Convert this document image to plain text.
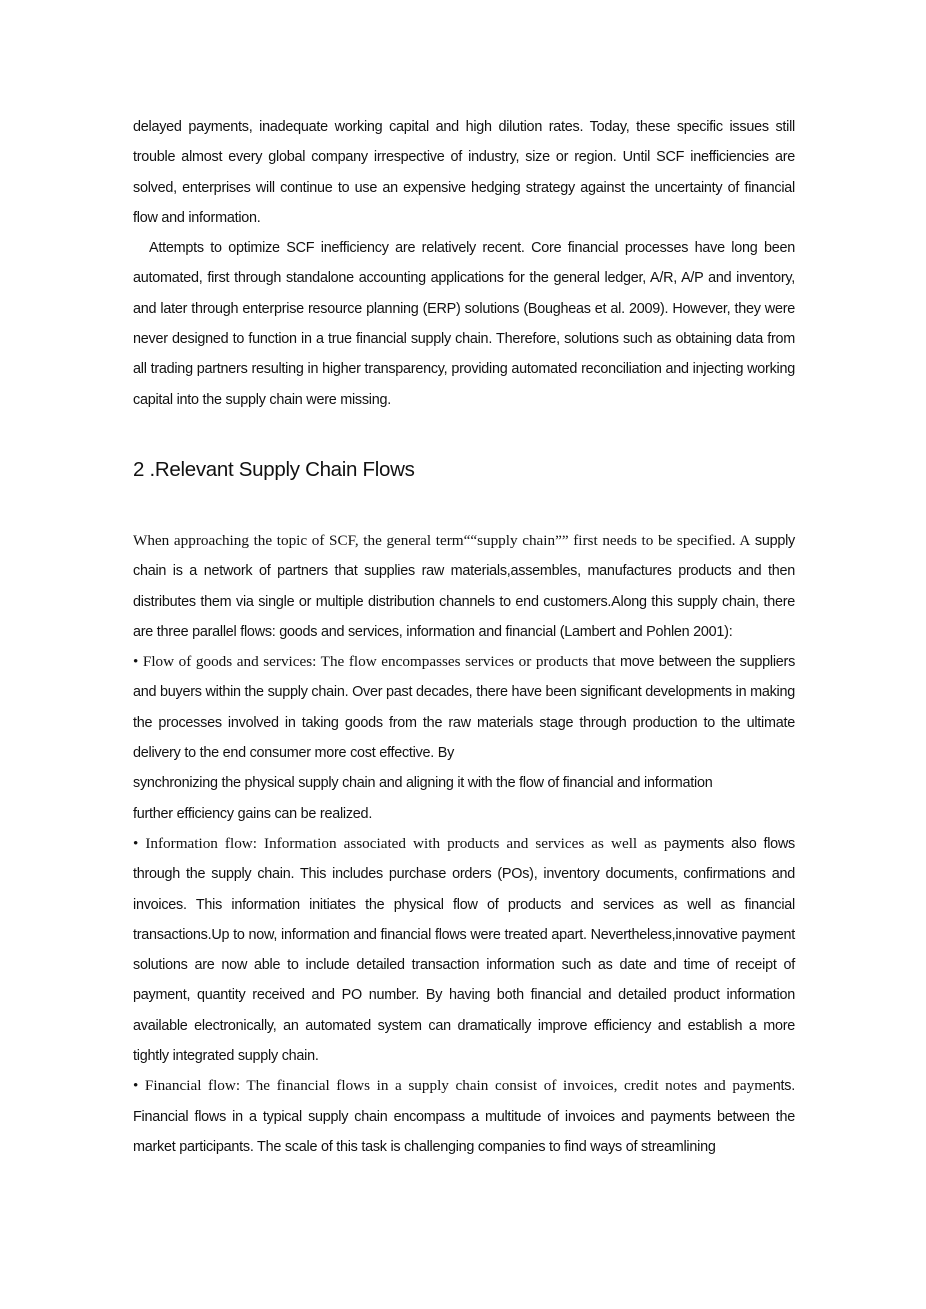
delayed payments, inadequate working capital and high dilution rates. Today, these specific issues still trouble almost every global company irrespective of industry, size or region. Until SCF inefficiencies are solved, enterprises will continue to use an expensive hedging strategy against the uncertainty of financial flow and information.

Attempts to optimize SCF inefficiency are relatively recent. Core financial processes have long been automated, first through standalone accounting applications for the general ledger, A/R, A/P and inventory, and later through enterprise resource planning (ERP) solutions (Bougheas et al. 2009). However, they were never designed to function in a true financial supply chain. Therefore, solutions such as obtaining data from all trading partners resulting in higher transparency, providing automated reconciliation and injecting working capital into the supply chain were missing.

2 .Relevant Supply Chain Flows

When approaching the topic of SCF, the general term““supply chain”” first needs to be specified. A supply chain is a network of partners that supplies raw materials,assembles, manufactures products and then distributes them via single or multiple distribution channels to end customers.Along this supply chain, there are three parallel flows: goods and services, information and financial (Lambert and Pohlen 2001):

• Flow of goods and services: The flow encompasses services or products that move between the suppliers and buyers within the supply chain. Over past decades, there have been significant developments in making the processes involved in taking goods from the raw materials stage through production to the ultimate delivery to the end consumer more cost effective. By

synchronizing the physical supply chain and aligning it with the flow of financial and information

further efficiency gains can be realized.

• Information flow: Information associated with products and services as well as payments also flows through the supply chain. This includes purchase orders (POs), inventory documents, confirmations and invoices. This information initiates the physical flow of products and services as well as financial transactions.Up to now, information and financial flows were treated apart. Nevertheless,innovative payment solutions are now able to include detailed transaction information such as date and time of receipt of payment, quantity received and PO number. By having both financial and detailed product information available electronically, an automated system can dramatically improve efficiency and establish a more tightly integrated supply chain.

• Financial flow: The financial flows in a supply chain consist of invoices, credit notes and payments. Financial flows in a typical supply chain encompass a multitude of invoices and payments between the market participants. The scale of this task is challenging companies to find ways of streamlining
